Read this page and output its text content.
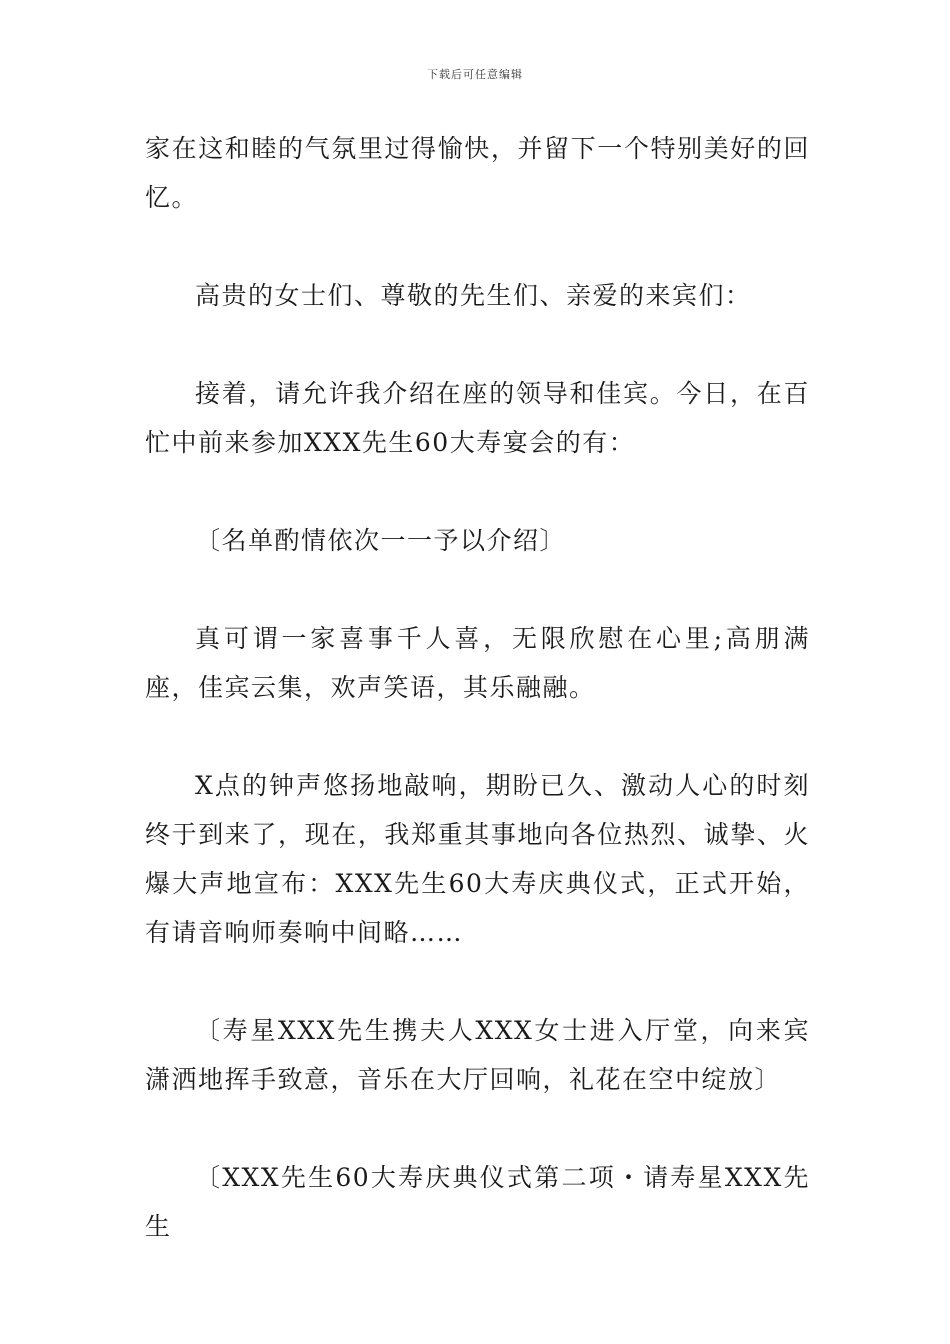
下载后可任意编辑

家在这和睦的气氛里过得愉快，并留下一个特别美好的回忆。

高贵的女士们、尊敬的先生们、亲爱的来宾们：

接着，请允许我介绍在座的领导和佳宾。今日，在百忙中前来参加XXX先生60大寿宴会的有：

〔名单酌情依次一一予以介绍〕

真可谓一家喜事千人喜，无限欣慰在心里;高朋满座，佳宾云集，欢声笑语，其乐融融。

X点的钟声悠扬地敲响，期盼已久、激动人心的时刻终于到来了，现在，我郑重其事地向各位热烈、诚挚、火爆大声地宣布：XXX先生60大寿庆典仪式，正式开始，有请音响师奏响中间略……

〔寿星XXX先生携夫人XXX女士进入厅堂，向来宾潇洒地挥手致意，音乐在大厅回响，礼花在空中绽放〕

〔XXX先生60大寿庆典仪式第二项・请寿星XXX先生
